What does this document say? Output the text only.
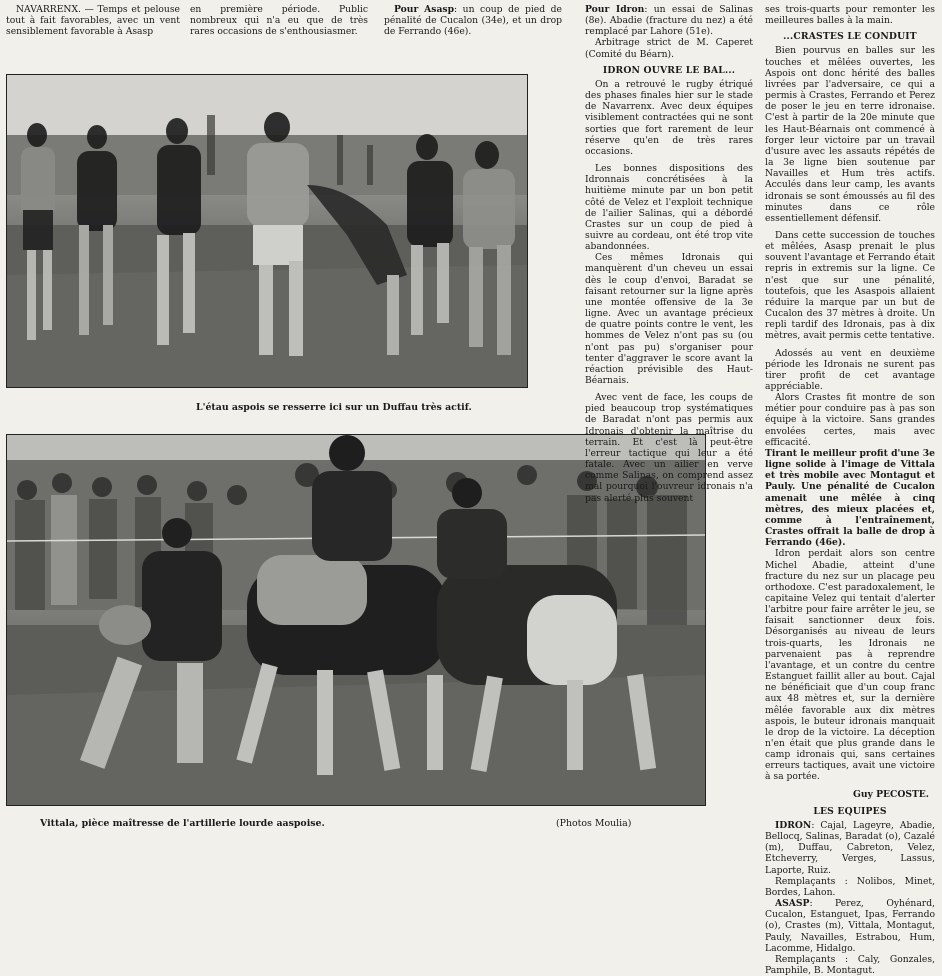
NAVARRENX. — Temps et pelouse tout à fait favorables, avec un vent sensiblement favorable à Asasp

en première période. Public nombreux qui n'a eu que de très rares occasions de s'enthousiasmer.

Pour Asasp: un coup de pied de pénalité de Cucalon (34e), et un drop de Ferrando (46e).

L'étau aspois se resserre ici sur un Duffau très actif.
Vittala, pièce maîtresse de l'artillerie lourde aaspoise.	(Photos Moulia)

Pour Idron: un essai de Salinas (8e). Abadie (fracture du nez) a été remplacé par Lahore (51e).

Arbitrage strict de M. Caperet (Comité du Béarn).

IDRON OUVRE LE BAL...

On a retrouvé le rugby étriqué des phases finales hier sur le stade de Navarrenx. Avec deux équipes visiblement contractées qui ne sont sorties que fort rarement de leur réserve qu'en de très rares occasions.

Les bonnes dispositions des Idronnais concrétisées à la huitième minute par un bon petit côté de Velez et l'exploit technique de l'ailier Salinas, qui a débordé Crastes sur un coup de pied à suivre au cordeau, ont été trop vite abandonnées.

Ces mêmes Idronais qui manquèrent d'un cheveu un essai dès le coup d'envoi, Baradat se faisant retourner sur la ligne après une montée offensive de la 3e ligne. Avec un avantage précieux de quatre points contre le vent, les hommes de Velez n'ont pas su (ou n'ont pas pu) s'organiser pour tenter d'aggraver le score avant la réaction prévisible des Haut-Béarnais.

Avec vent de face, les coups de pied beaucoup trop systématiques de Baradat n'ont pas permis aux Idronais d'obtenir la maîtrise du terrain. Et c'est là peut-être l'erreur tactique qui leur a été fatale. Avec un ailier en verve comme Salinas, on comprend assez mal pourquoi l'ouvreur idronais n'a pas alerté plus souvent

ses trois-quarts pour remonter les meilleures balles à la main.

...CRASTES LE CONDUIT

Bien pourvus en balles sur les touches et mêlées ouvertes, les Aspois ont donc hérité des balles livrées par l'adversaire, ce qui a permis à Crastes, Ferrando et Perez de poser le jeu en terre idronaise. C'est à partir de la 20e minute que les Haut-Béarnais ont commencé à forger leur victoire par un travail d'usure avec les assauts répétés de la 3e ligne bien soutenue par Navailles et Hum très actifs. Acculés dans leur camp, les avants idronais se sont émoussés au fil des minutes dans ce rôle essentiellement défensif.

Dans cette succession de touches et mêlées, Asasp prenait le plus souvent l'avantage et Ferrando était repris in extremis sur la ligne. Ce n'est que sur une pénalité, toutefois, que les Asaspois allaient réduire la marque par un but de Cucalon des 37 mètres à droite. Un repli tardif des Idronais, pas à dix mètres, avait permis cette tentative.

Adossés au vent en deuxième période les Idronais ne surent pas tirer profit de cet avantage appréciable.

Alors Crastes fit montre de son métier pour conduire pas à pas son équipe à la victoire. Sans grandes envolées certes, mais avec efficacité.

Tirant le meilleur profit d'une 3e ligne solide à l'image de Vittala et très mobile avec Montagut et Pauly. Une pénalité de Cucalon amenait une mêlée à cinq mètres, des mieux placées et, comme à l'entraînement, Crastes offrait la balle de drop à Ferrando (46e).

Idron perdait alors son centre Michel Abadie, atteint d'une fracture du nez sur un placage peu orthodoxe. C'est paradoxalement, le capitaine Velez qui tentait d'alerter l'arbitre pour faire arrêter le jeu, se faisait sanctionner deux fois. Désorganisés au niveau de leurs trois-quarts, les Idronais ne parvenaient pas à reprendre l'avantage, et un contre du centre Estanguet faillit aller au bout. Cajal ne bénéficiait que d'un coup franc aux 48 mètres et, sur la dernière mêlée favorable aux dix mètres aspois, le buteur idronais manquait le drop de la victoire. La déception n'en était que plus grande dans le camp idronais qui, sans certaines erreurs tactiques, avait une victoire à sa portée.

Guy PECOSTE.

LES EQUIPES

IDRON: Cajal, Lageyre, Abadie, Bellocq, Salinas, Baradat (o), Cazalé (m), Duffau, Cabreton, Velez, Etcheverry, Verges, Lassus, Laporte, Ruiz.

Remplaçants : Nolibos, Minet, Bordes, Lahon.

ASASP: Perez, Oyhénard, Cucalon, Estanguet, Ipas, Ferrando (o), Crastes (m), Vittala, Montagut, Pauly, Navailles, Estrabou, Hum, Lacomme, Hidalgo.

Remplaçants : Caly, Gonzales, Pamphile, B. Montagut.
